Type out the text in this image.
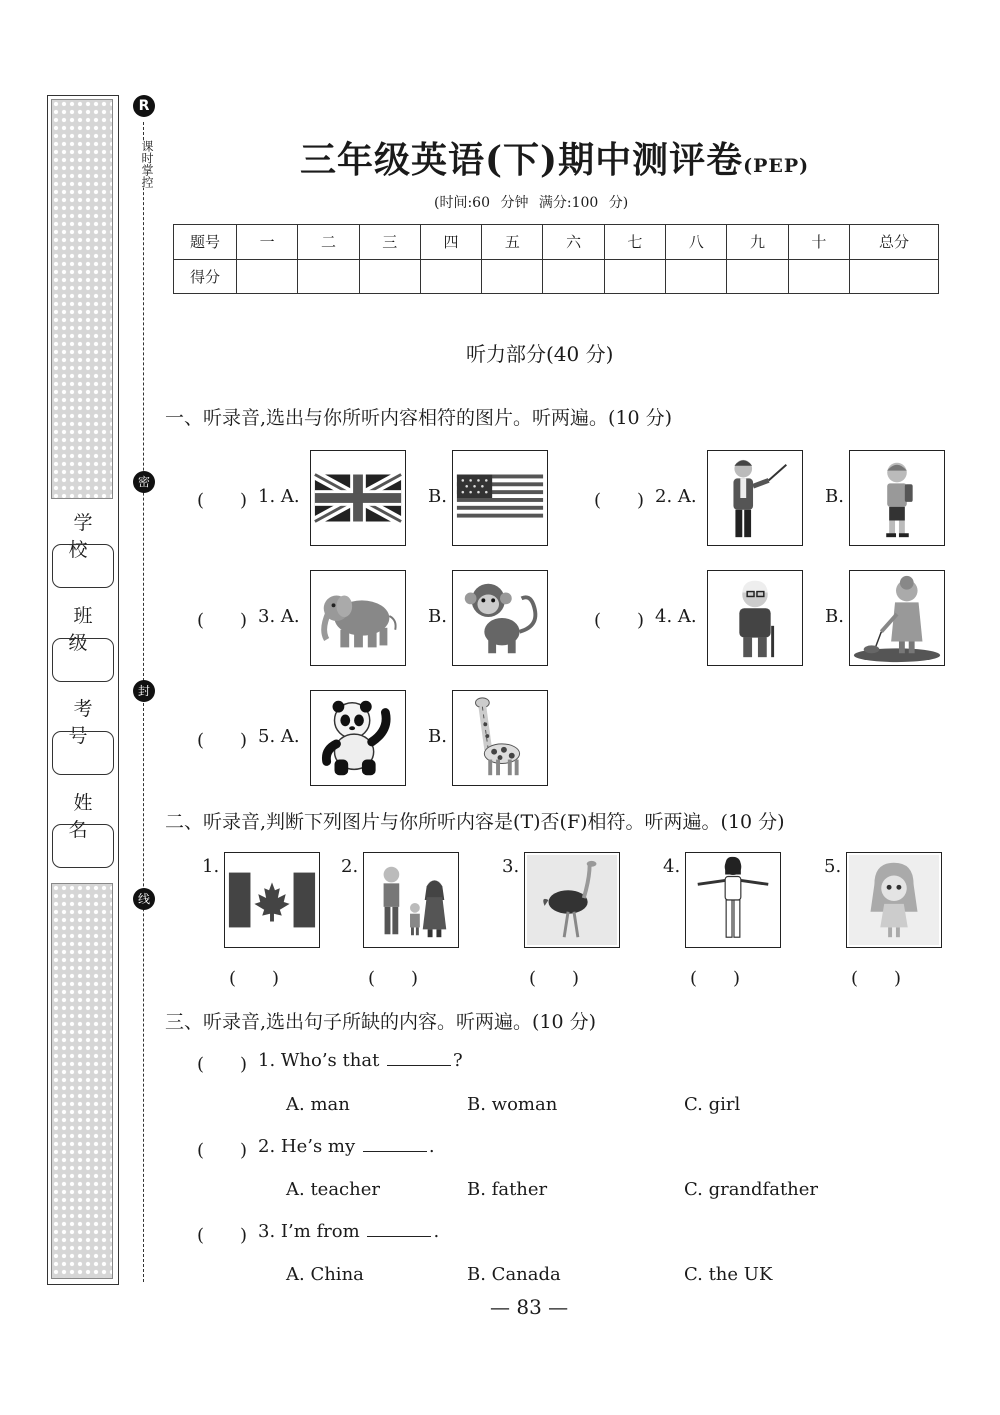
学 校
班 级
考 号
姓 名
R
课时掌控
密
封
线
三年级英语(下)期中测评卷(PEP)
(时间:60 分钟 满分:100 分)
题号	一	二	三	四	五	六	七	八	九	十	总分
得分											
听力部分(40 分)
一、听录音,选出与你所听内容相符的图片。听两遍。(10 分)
(　　) 1. A.	B.	(　　) 2. A.	B.
(　　) 3. A.	B.	(　　) 4. A.	B.
(　　) 5. A.	B.
二、听录音,判断下列图片与你所听内容是(T)否(F)相符。听两遍。(10 分)
1.	2.	3.	4.	5.
(　　)	(　　)	(　　)	(　　)	(　　)
三、听录音,选出句子所缺的内容。听两遍。(10 分)
(　　) 1. Who’s that	?
A. man	B. woman	C. girl
(　　) 2. He’s my	.
A. teacher	B. father	C. grandfather
(　　) 3. I’m from	.
A. China	B. Canada	C. the UK
— 83 —
